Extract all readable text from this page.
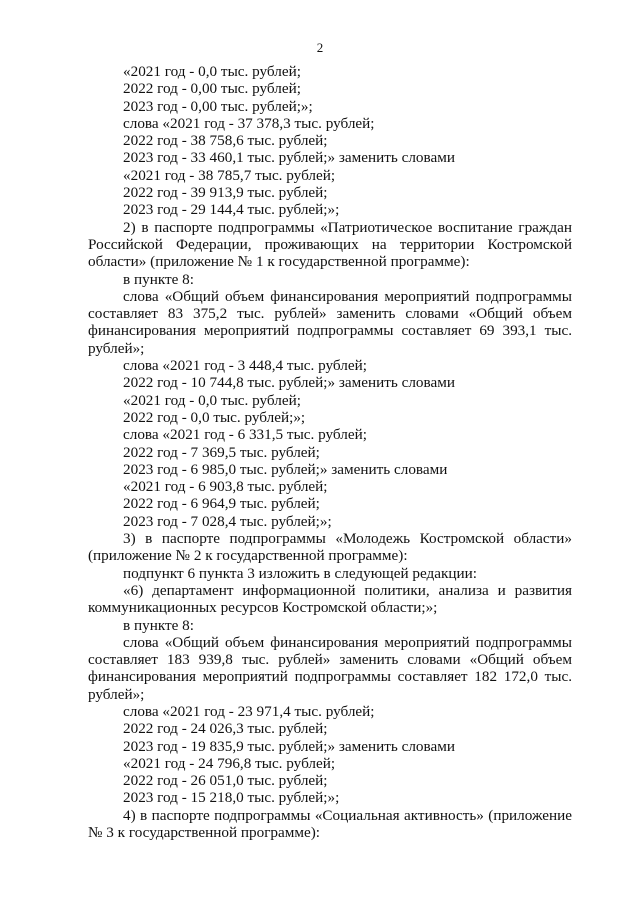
2
«2021 год - 0,0 тыс. рублей;
2022 год - 0,00 тыс. рублей;
2023 год - 0,00 тыс. рублей;»;
слова «2021 год - 37 378,3 тыс. рублей;
2022 год - 38 758,6 тыс. рублей;
2023 год - 33 460,1 тыс. рублей;» заменить словами
«2021 год - 38 785,7 тыс. рублей;
2022 год - 39 913,9 тыс. рублей;
2023 год - 29 144,4 тыс. рублей;»;
2) в паспорте подпрограммы «Патриотическое воспитание граждан
Российской Федерации, проживающих на территории Костромской
области» (приложение № 1 к государственной программе):
в пункте 8:
слова «Общий объем финансирования мероприятий подпрограммы
составляет 83 375,2 тыс. рублей» заменить словами «Общий объем
финансирования мероприятий подпрограммы составляет 69 393,1 тыс.
рублей»;
слова «2021 год - 3 448,4 тыс. рублей;
2022 год - 10 744,8 тыс. рублей;» заменить словами
«2021 год - 0,0 тыс. рублей;
2022 год - 0,0 тыс. рублей;»;
слова «2021 год - 6 331,5 тыс. рублей;
2022 год - 7 369,5 тыс. рублей;
2023 год - 6 985,0 тыс. рублей;» заменить словами
«2021 год - 6 903,8 тыс. рублей;
2022 год - 6 964,9 тыс. рублей;
2023 год - 7 028,4 тыс. рублей;»;
3) в паспорте подпрограммы «Молодежь Костромской области»
(приложение № 2 к государственной программе):
подпункт 6 пункта 3 изложить в следующей редакции:
«6) департамент информационной политики, анализа и развития
коммуникационных ресурсов Костромской области;»;
в пункте 8:
слова «Общий объем финансирования мероприятий подпрограммы
составляет 183 939,8 тыс. рублей» заменить словами «Общий объем
финансирования мероприятий подпрограммы составляет 182 172,0 тыс.
рублей»;
слова «2021 год - 23 971,4 тыс. рублей;
2022 год - 24 026,3 тыс. рублей;
2023 год - 19 835,9 тыс. рублей;» заменить словами
«2021 год - 24 796,8 тыс. рублей;
2022 год - 26 051,0 тыс. рублей;
2023 год - 15 218,0 тыс. рублей;»;
4) в паспорте подпрограммы «Социальная активность» (приложение
№ 3 к государственной программе):
